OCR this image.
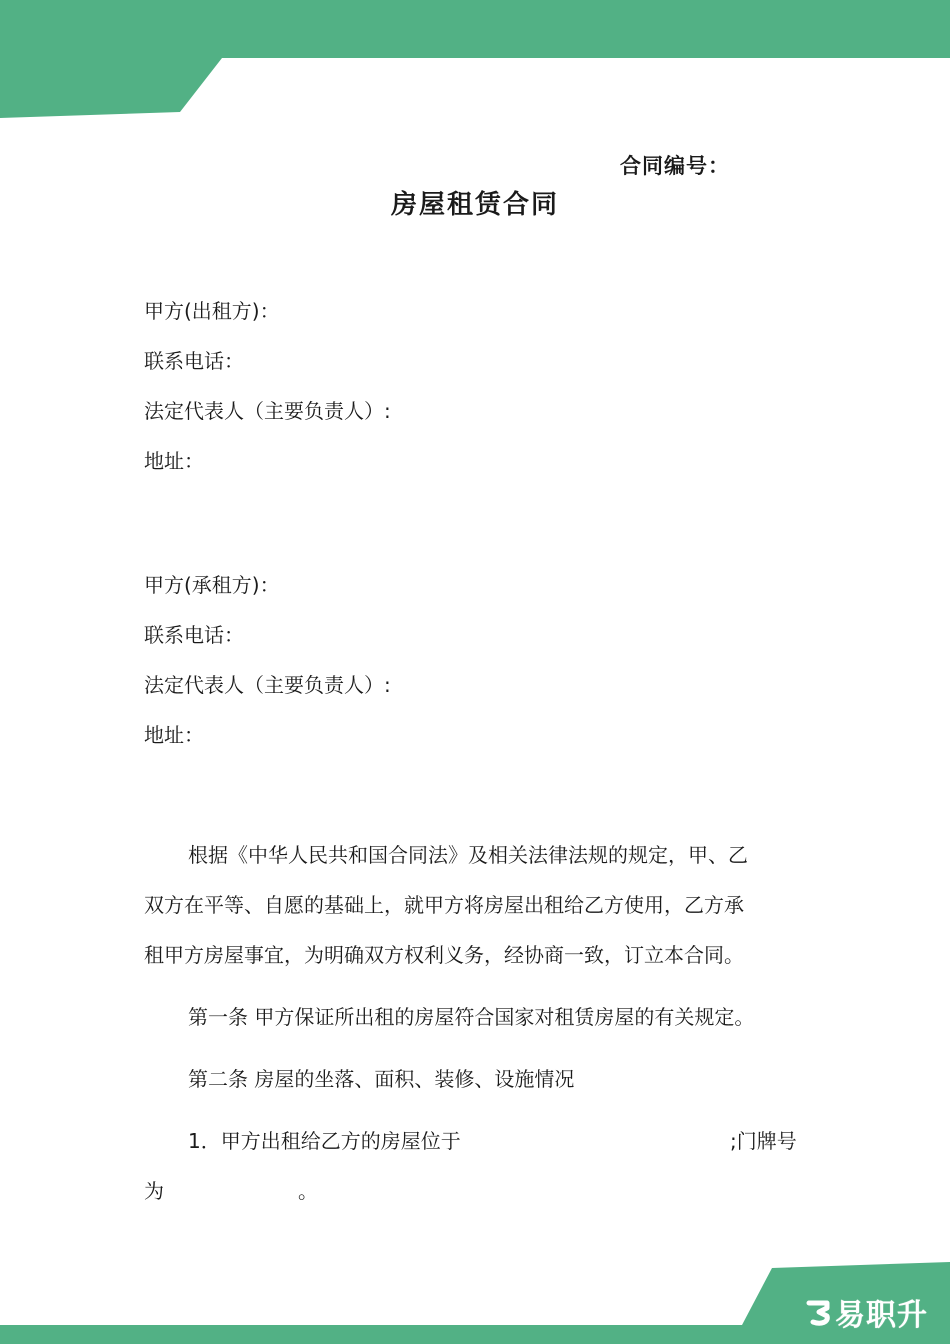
合同编号：
房屋租赁合同
甲方(出租方)：
联系电话：
法定代表人（主要负责人）:
地址：
甲方(承租方)：
联系电话：
法定代表人（主要负责人）:
地址：
根据《中华人民共和国合同法》及相关法律法规的规定，甲、乙
双方在平等、自愿的基础上，就甲方将房屋出租给乙方使用，乙方承
租甲方房屋事宜，为明确双方权利义务，经协商一致，订立本合同。
第一条 甲方保证所出租的房屋符合国家对租赁房屋的有关规定。
第二条 房屋的坐落、面积、装修、设施情况
1．甲方出租给乙方的房屋位于	;门牌号
为	。
易职升
